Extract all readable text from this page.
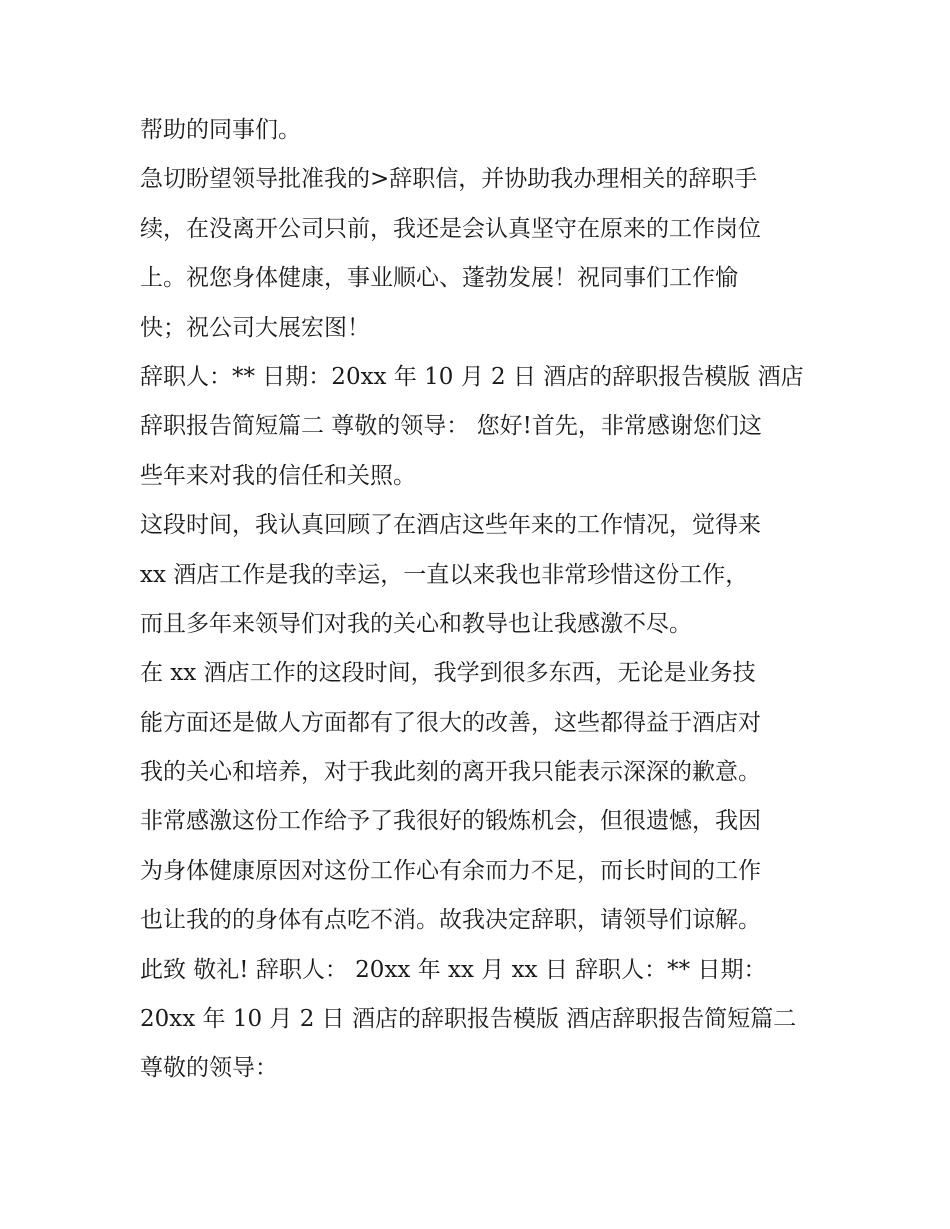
帮助的同事们。
急切盼望领导批准我的>辞职信，并协助我办理相关的辞职手
续，在没离开公司只前，我还是会认真坚守在原来的工作岗位
上。祝您身体健康，事业顺心、蓬勃发展！祝同事们工作愉
快；祝公司大展宏图！
辞职人：** 日期：20xx 年 10 月 2 日 酒店的辞职报告模版 酒店
辞职报告简短篇二 尊敬的领导： 您好!首先，非常感谢您们这
些年来对我的信任和关照。
这段时间，我认真回顾了在酒店这些年来的工作情况，觉得来
xx 酒店工作是我的幸运，一直以来我也非常珍惜这份工作，
而且多年来领导们对我的关心和教导也让我感激不尽。
在 xx 酒店工作的这段时间，我学到很多东西，无论是业务技
能方面还是做人方面都有了很大的改善，这些都得益于酒店对
我的关心和培养，对于我此刻的离开我只能表示深深的歉意。
非常感激这份工作给予了我很好的锻炼机会，但很遗憾，我因
为身体健康原因对这份工作心有余而力不足，而长时间的工作
也让我的的身体有点吃不消。故我决定辞职，请领导们谅解。
此致 敬礼! 辞职人： 20xx 年 xx 月 xx 日 辞职人：** 日期：
20xx 年 10 月 2 日 酒店的辞职报告模版 酒店辞职报告简短篇二
尊敬的领导：
